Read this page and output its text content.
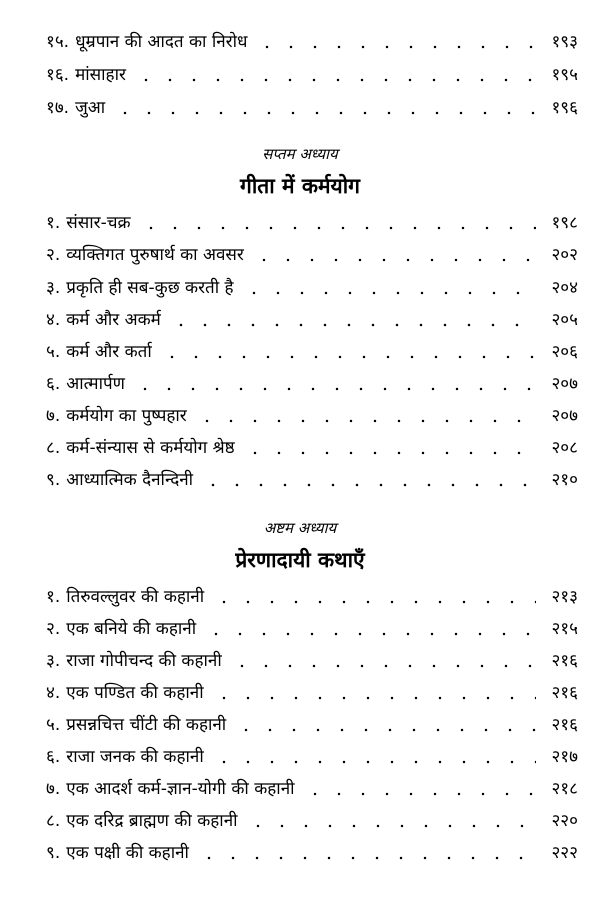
१५. धूम्रपान की आदत का निरोध	१९३
१६. मांसाहार	१९५
१७. जुआ	१९६
सप्तम अध्याय
गीता में कर्मयोग
१. संसार-चक्र	१९८
२. व्यक्तिगत पुरुषार्थ का अवसर	२०२
३. प्रकृति ही सब-कुछ करती है	२०४
४. कर्म और अकर्म	२०५
५. कर्म और कर्ता	२०६
६. आत्मार्पण	२०७
७. कर्मयोग का पुष्पहार	२०७
८. कर्म-संन्यास से कर्मयोग श्रेष्ठ	२०८
९. आध्यात्मिक दैनन्दिनी	२१०
अष्टम अध्याय
प्रेरणादायी कथाएँ
१. तिरुवल्लुवर की कहानी	२१३
२. एक बनिये की कहानी	२१५
३. राजा गोपीचन्द की कहानी	२१६
४. एक पण्डित की कहानी	२१६
५. प्रसन्नचित्त चींटी की कहानी	२१६
६. राजा जनक की कहानी	२१७
७. एक आदर्श कर्म-ज्ञान-योगी की कहानी	२१८
८. एक दरिद्र ब्राह्मण की कहानी	२२०
९. एक पक्षी की कहानी	२२२
